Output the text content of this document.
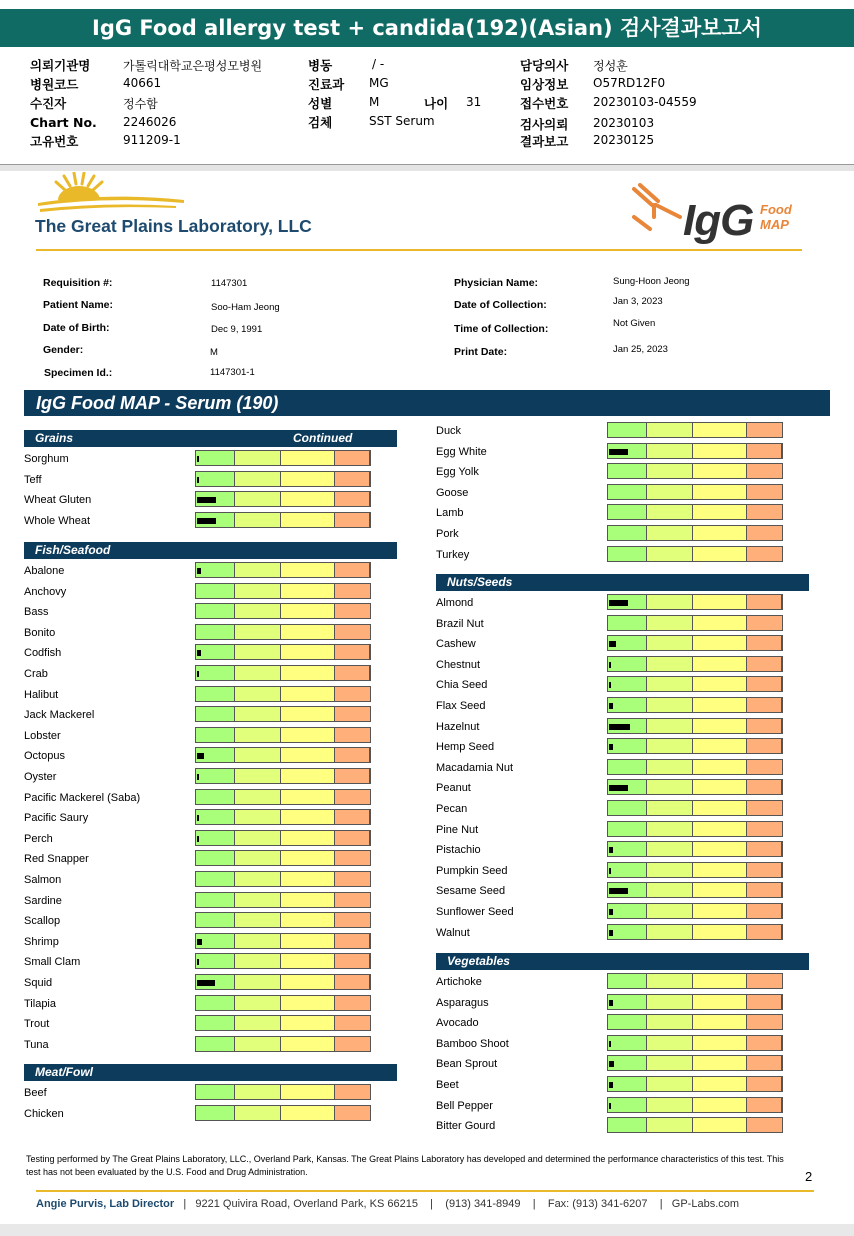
IgG Food allergy test + candida(192)(Asian) 검사결과보고서
의뢰기관명	가톨릭대학교은평성모병원
병원코드	40661
수진자	정수함
Chart No. 2246026
고유번호	911209-1
병동	/ -
진료과 MG
성별	M	나이 31
검체	SST Serum
담당의사 정성훈
임상정보 O57RD12F0
접수번호 20230103-04559
검사의뢰 20230103
결과보고 20230125
The Great Plains Laboratory, LLC	IgG Food
MAP
Requisition #:	1147301
Patient Name:	Soo-Ham Jeong
Date of Birth:	Dec 9, 1991
Gender:	M
Specimen Id.:	1147301-1
Physician Name:	Sung-Hoon Jeong
Date of Collection:	Jan 3, 2023
Time of Collection:	Not Given
Print Date:	Jan 25, 2023
IgG Food MAP - Serum (190)
Grains	Continued
Sorghum
Teff
Wheat Gluten
Whole Wheat
Fish/Seafood
Abalone
Anchovy
Bass
Bonito
Codfish
Crab
Halibut
Jack Mackerel
Lobster
Octopus
Oyster
Pacific Mackerel (Saba)
Pacific Saury
Perch
Red Snapper
Salmon
Sardine
Scallop
Shrimp
Small Clam
Squid
Tilapia
Trout
Tuna
Meat/Fowl
Beef
Chicken
Duck
Egg White
Egg Yolk
Goose
Lamb
Pork
Turkey
Nuts/Seeds
Almond
Brazil Nut
Cashew
Chestnut
Chia Seed
Flax Seed
Hazelnut
Hemp Seed
Macadamia Nut
Peanut
Pecan
Pine Nut
Pistachio
Pumpkin Seed
Sesame Seed
Sunflower Seed
Walnut
Vegetables
Artichoke
Asparagus
Avocado
Bamboo Shoot
Bean Sprout
Beet
Bell Pepper
Bitter Gourd
Testing performed by The Great Plains Laboratory, LLC., Overland Park, Kansas. The Great Plains Laboratory has developed and determined the performance characteristics of this test. This test has not been evaluated by the U.S. Food and Drug Administration.	2
Angie Purvis, Lab Director   |   9221 Quivira Road, Overland Park, KS 66215    |    (913) 341-8949    |    Fax: (913) 341-6207    |   GP-Labs.com
